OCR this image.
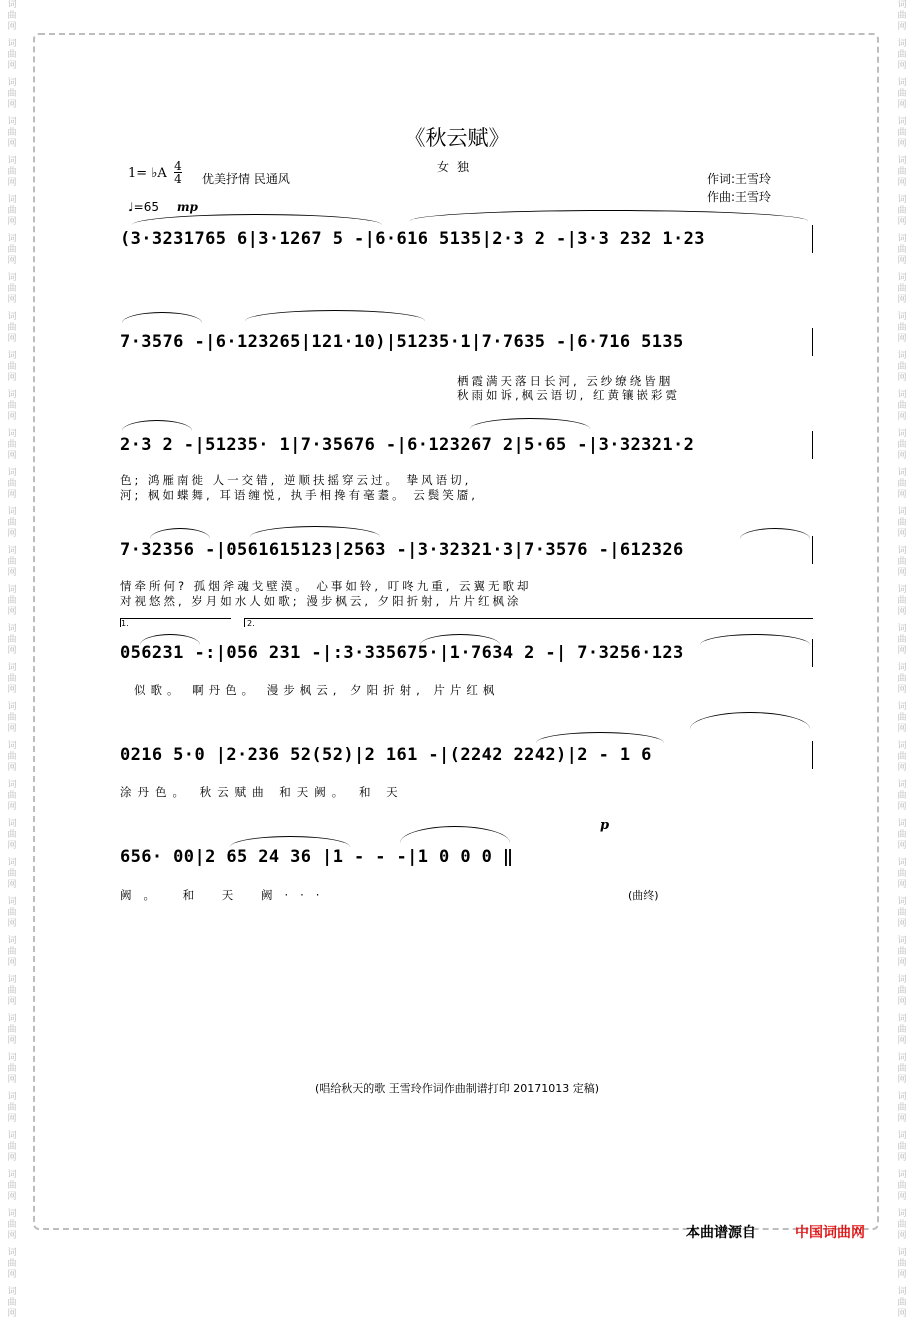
词
曲
网
词
曲
网
词
曲
网
词
曲
网
词
曲
网
词
曲
网
词
曲
网
词
曲
网
词
曲
网
词
曲
网
词
曲
网
词
曲
网
词
曲
网
词
曲
网
词
曲
网
词
曲
网
词
曲
网
词
曲
网
词
曲
网
词
曲
网
词
曲
网
词
曲
网
词
曲
网
词
曲
网
词
曲
网
词
曲
网
词
曲
网
词
曲
网
词
曲
网
词
曲
网
词
曲
网
词
曲
网
词
曲
网
词
曲
网
词
曲
网
词
曲
网
词
曲
网
词
曲
网
词
曲
网
词
曲
网
词
曲
网
词
曲
网
词
曲
网
词
曲
网
词
曲
网
词
曲
网
词
曲
网
词
曲
网
词
曲
网
词
曲
网
词
曲
网
词
曲
网
词
曲
网
词
曲
网
词
曲
网
词
曲
网
词
曲
网
词
曲
网
词
曲
网
词
曲
网
词
曲
网
词
曲
网
词
曲
网
词
曲
网
词
曲
网
词
曲
网
词
曲
网
词
曲
网
《秋云赋》
女独
1= ♭A 4
4 优美抒情 民通风
♩=65 mp
作词:王雪玲
作曲:王雪玲
(3·3231765 6|3·1267 5 -|6·616 5135|2·3 2 -|3·3 232 1·23
7·3576 -|6·123265|121·10)|51235·1|7·7635 -|6·716 5135
栖霞满天落日长河, 云纱缭绕皆胭
秋雨如诉,枫云语切, 红黄镶嵌彩霓
2·3 2 -|51235· 1|7·35676 -|6·123267 2|5·65 -|3·32321·2
色; 鸿雁南徙 人一交错, 逆顺扶摇穿云过。 挚风语切,
河; 枫如蝶舞, 耳语缠悦, 执手相搀有毫耋。 云鬓笑靥,
7·32356 -|0561615123|2563 -|3·32321·3|7·3576 -|612326
情牵所何? 孤烟斧魂戈壁漠。 心事如铃, 叮咚九重, 云翼无歌却
对视悠然, 岁月如水人如歌; 漫步枫云, 夕阳折射, 片片红枫涂
1.	2.
056231 -:|056 231 -|:3·335675·|1·7634 2 -| 7·3256·123
似歌。 啊丹色。 漫步枫云, 夕阳折射, 片片红枫
0216 5·0 |2·236 52(52)|2 161 -|(2242 2242)|2 - 1 6
涂丹色。 秋云赋曲 和天阙。 和 天
p
656· 00|2 65 24 36 |1 - - -|1 0 0 0 ‖
阙。 和 天 阙···	(曲终)
(唱给秋天的歌 王雪玲作词作曲制谱打印 20171013 定稿)
本曲谱源自	中国词曲网
